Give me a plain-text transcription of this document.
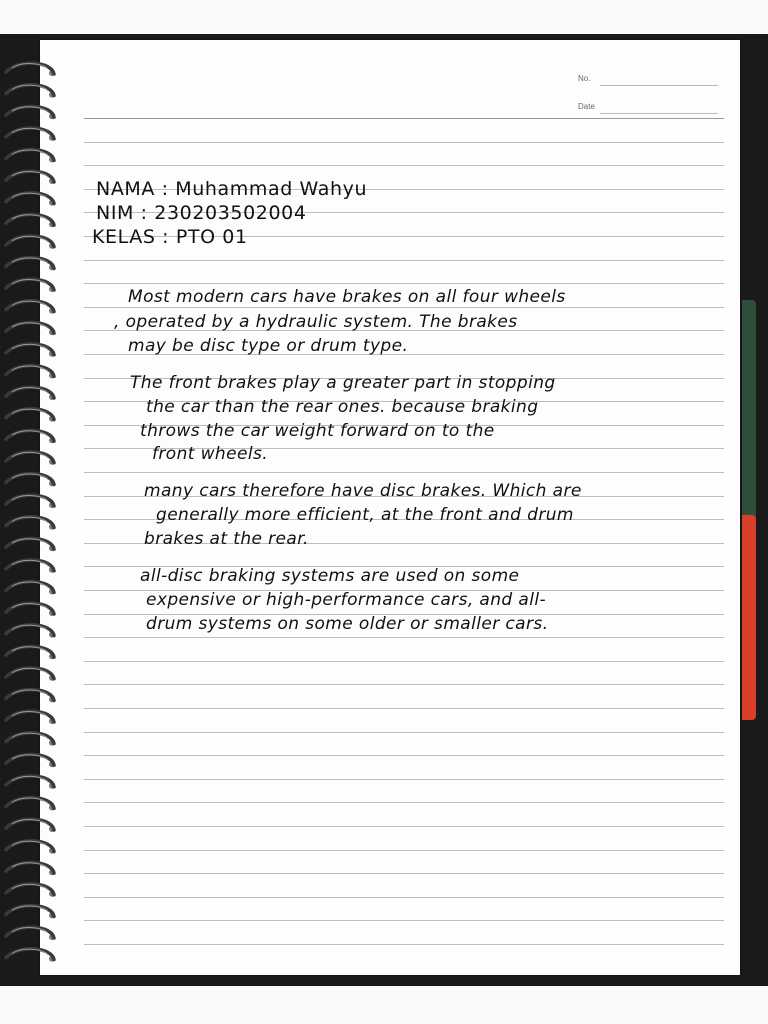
No.
Date
NAMA : Muhammad Wahyu
NIM : 230203502004
KELAS : PTO 01
Most modern cars have brakes on all four wheels
, operated by a hydraulic system. The brakes
may be disc type or drum type.
The front brakes play a greater part in stopping
the car than the rear ones. because braking
throws the car weight forward on to the
front wheels.
many cars therefore have disc brakes. Which are
generally more efficient, at the front and drum
brakes at the rear.
all-disc braking systems are used on some
expensive or high-performance cars, and all-
drum systems on some older or smaller cars.
